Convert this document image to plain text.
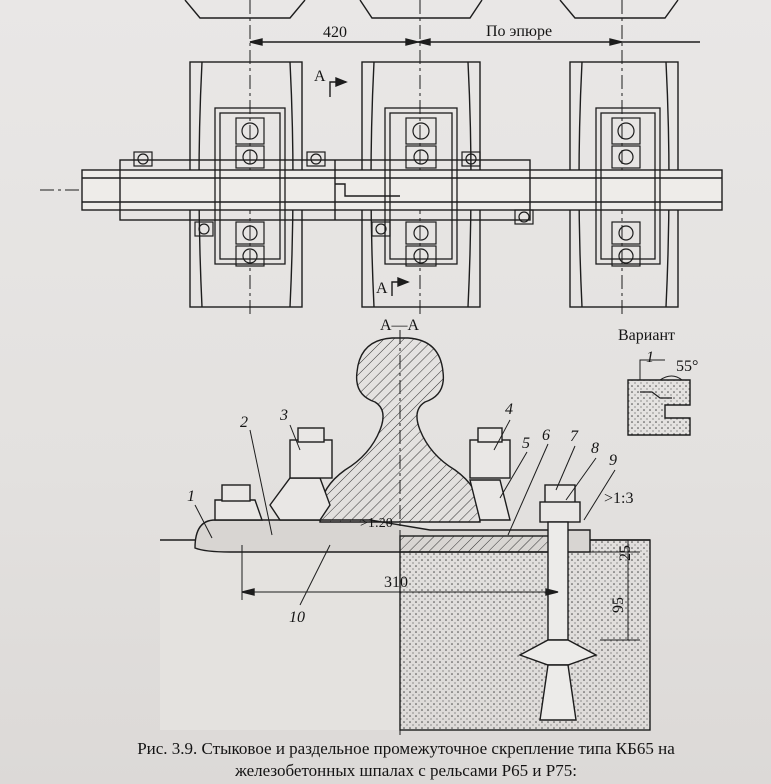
420	По эпюре
A
A
А—А
Вариант
1
55°
>1:20
>1:3
310
25
95
1
2 3	4
5 6 7
8
9
10
Рис. 3.9. Стыковое и раздельное промежуточное скрепление типа КБ65 на
железобетонных шпалах с рельсами Р65 и Р75:
